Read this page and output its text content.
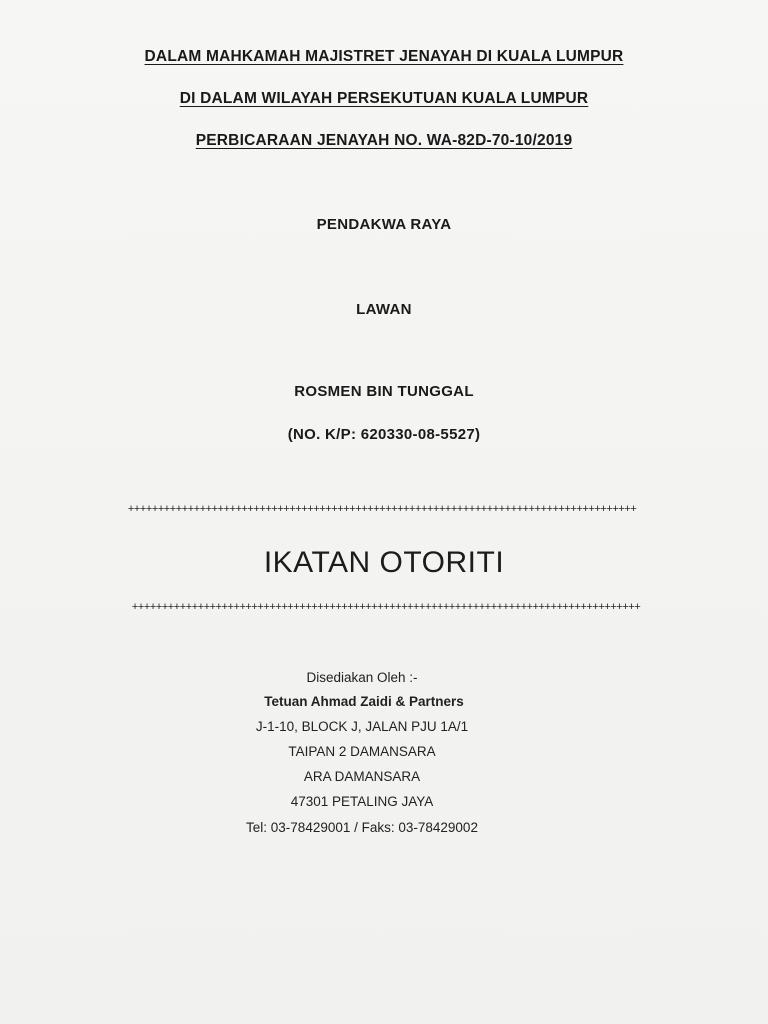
DALAM MAHKAMAH MAJISTRET JENAYAH DI KUALA LUMPUR
DI DALAM WILAYAH PERSEKUTUAN KUALA LUMPUR
PERBICARAAN JENAYAH NO. WA-82D-70-10/2019
PENDAKWA RAYA
LAWAN
ROSMEN BIN TUNGGAL
(NO. K/P: 620330-08-5527)
+++++++++++++++++++++++++++++++++++++++++++++++++++++++++++++++++++++++++++++++++++++
IKATAN OTORITI
+++++++++++++++++++++++++++++++++++++++++++++++++++++++++++++++++++++++++++++++++++++
Disediakan Oleh :-
Tetuan Ahmad Zaidi & Partners
J-1-10, BLOCK J, JALAN PJU 1A/1
TAIPAN 2 DAMANSARA
ARA DAMANSARA
47301 PETALING JAYA
Tel: 03-78429001 / Faks: 03-78429002
